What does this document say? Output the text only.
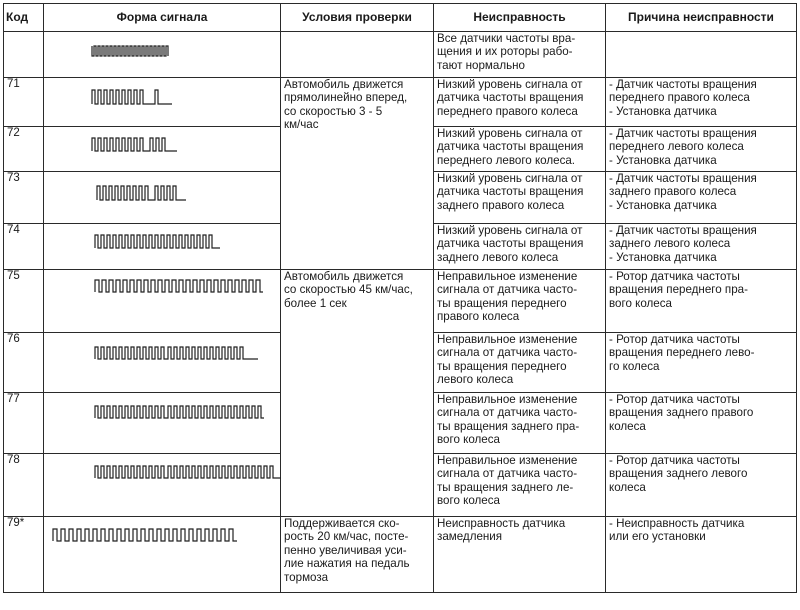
Код	Форма сигнала	Условия проверки	Неисправность	Причина неисправности

		Все датчики частоты вра-
щения и их роторы рабо-
тают нормально	
71		Автомобиль движется
прямолинейно вперед,
со скоростью 3 - 5
км/час	Низкий уровень сигнала от
датчика частоты вращения
переднего правого колеса	- Датчик частоты вращения
переднего правого колеса
- Установка датчика
72			Низкий уровень сигнала от
датчика частоты вращения
переднего левого колеса.	- Датчик частоты вращения
переднего левого колеса
- Установка датчика
73			Низкий уровень сигнала от
датчика частоты вращения
заднего правого колеса	- Датчик частоты вращения
заднего правого колеса
- Установка датчика
74			Низкий уровень сигнала от
датчика частоты вращения
заднего левого колеса	- Датчик частоты вращения
заднего левого колеса
- Установка датчика
75		Автомобиль движется
со скоростью 45 км/час,
более 1 сек	Неправильное изменение
сигнала от датчика часто-
ты вращения переднего
правого колеса	- Ротор датчика частоты
вращения переднего пра-
вого колеса
76			Неправильное изменение
сигнала от датчика часто-
ты вращения переднего
левого колеса	- Ротор датчика частоты
вращения переднего лево-
го колеса
77			Неправильное изменение
сигнала от датчика часто-
ты вращения заднего пра-
вого колеса	- Ротор датчика частоты
вращения заднего правого
колеса
78			Неправильное изменение
сигнала от датчика часто-
ты вращения заднего ле-
вого колеса	- Ротор датчика частоты
вращения заднего левого
колеса
79*		Поддерживается ско-
рость 20 км/час, посте-
пенно увеличивая уси-
лие нажатия на педаль
тормоза	Неисправность датчика
замедления	- Неисправность датчика
или его установки
